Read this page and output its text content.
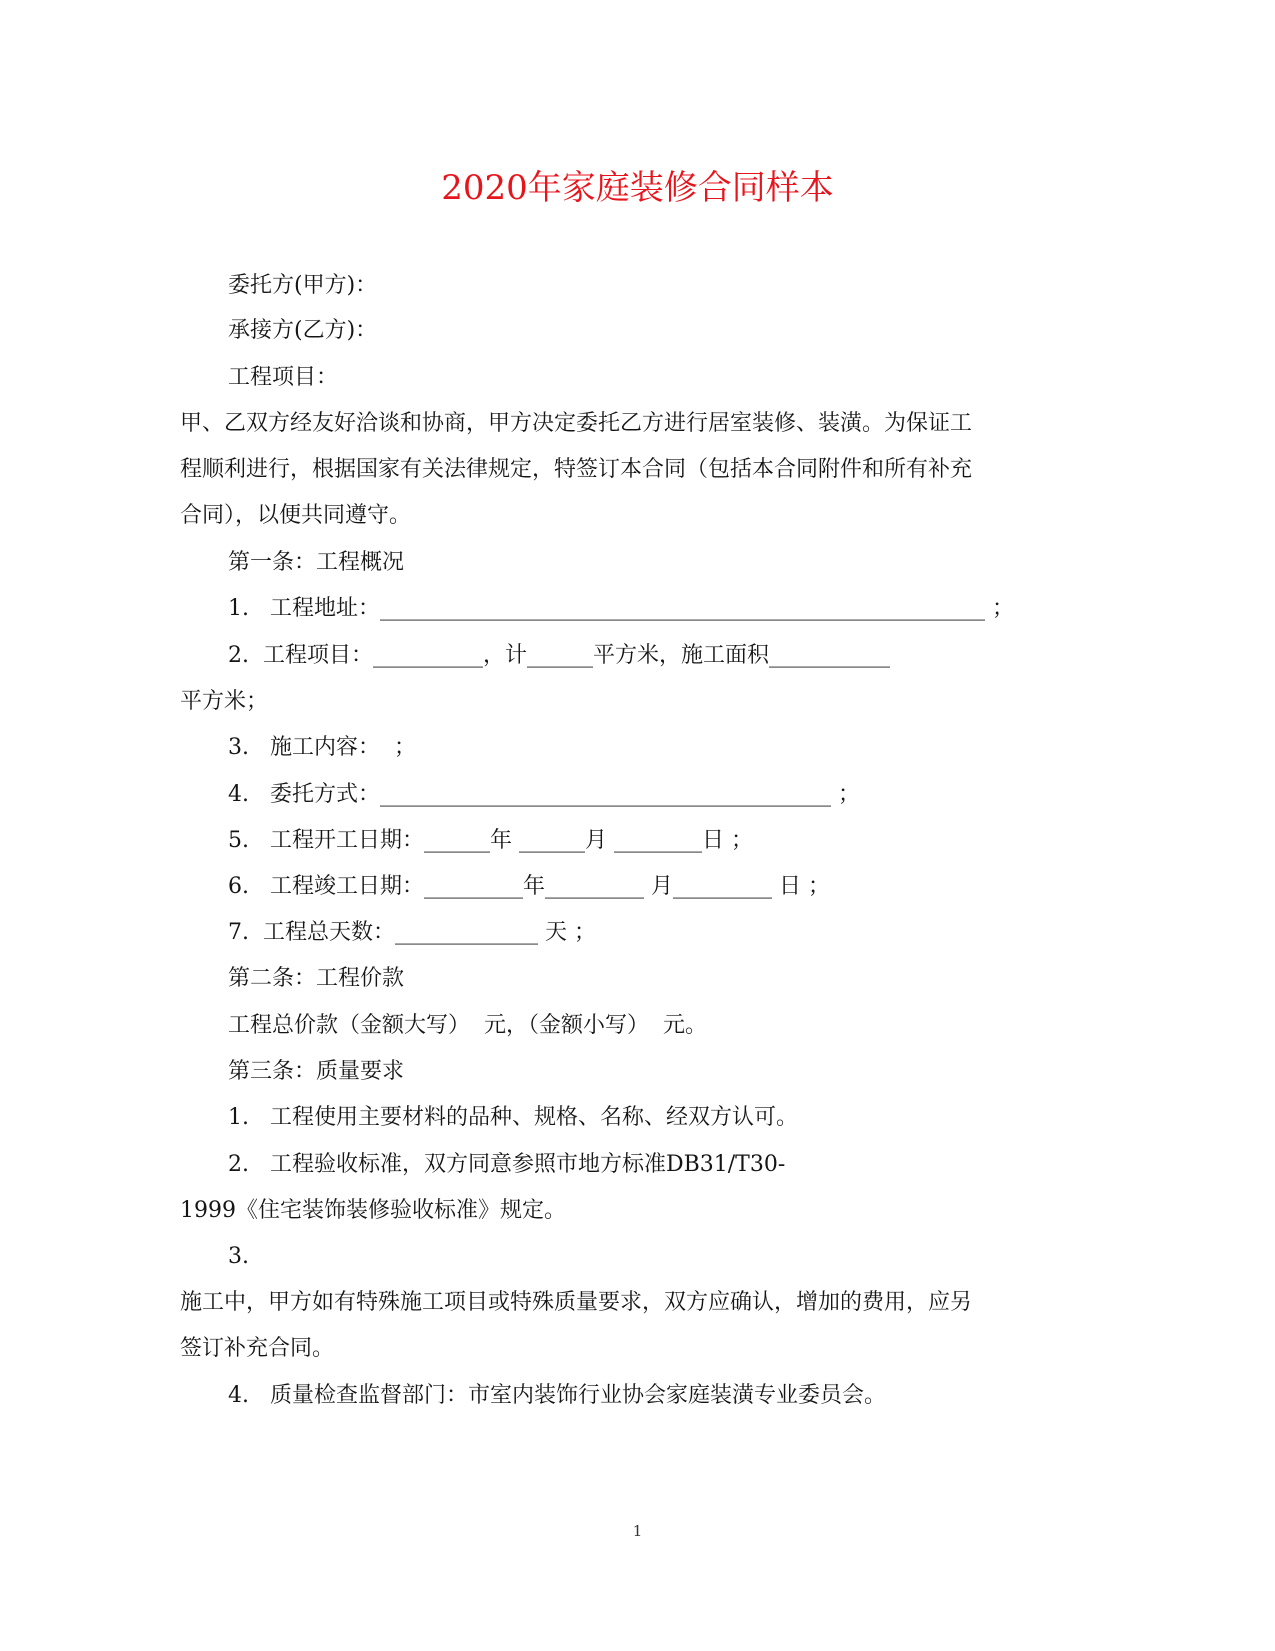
2020年家庭装修合同样本
委托方(甲方)：
承接方(乙方)：
工程项目：
甲、乙双方经友好洽谈和协商，甲方决定委托乙方进行居室装修、装潢。为保证工
程顺利进行，根据国家有关法律规定，特签订本合同（包括本合同附件和所有补充
合同），以便共同遵守。
第一条：工程概况
1.   工程地址：_______________________________________________________ ；
2.  工程项目：__________，计______平方米，施工面积___________
平方米；
3.   施工内容：  ；
4.   委托方式：_________________________________________ ；
5.   工程开工日期：______年 ______月 ________日 ；
6.   工程竣工日期：_________年_________ 月_________ 日 ；
7.  工程总天数：_____________ 天 ；
第二条：工程价款
工程总价款（金额大写）  元，（金额小写）  元。
第三条：质量要求
1.   工程使用主要材料的品种、规格、名称、经双方认可。
2.   工程验收标准，双方同意参照市地方标准DB31/T30-
1999《住宅装饰装修验收标准》规定。
3.
施工中，甲方如有特殊施工项目或特殊质量要求，双方应确认，增加的费用，应另
签订补充合同。
4.   质量检查监督部门：市室内装饰行业协会家庭装潢专业委员会。
1
